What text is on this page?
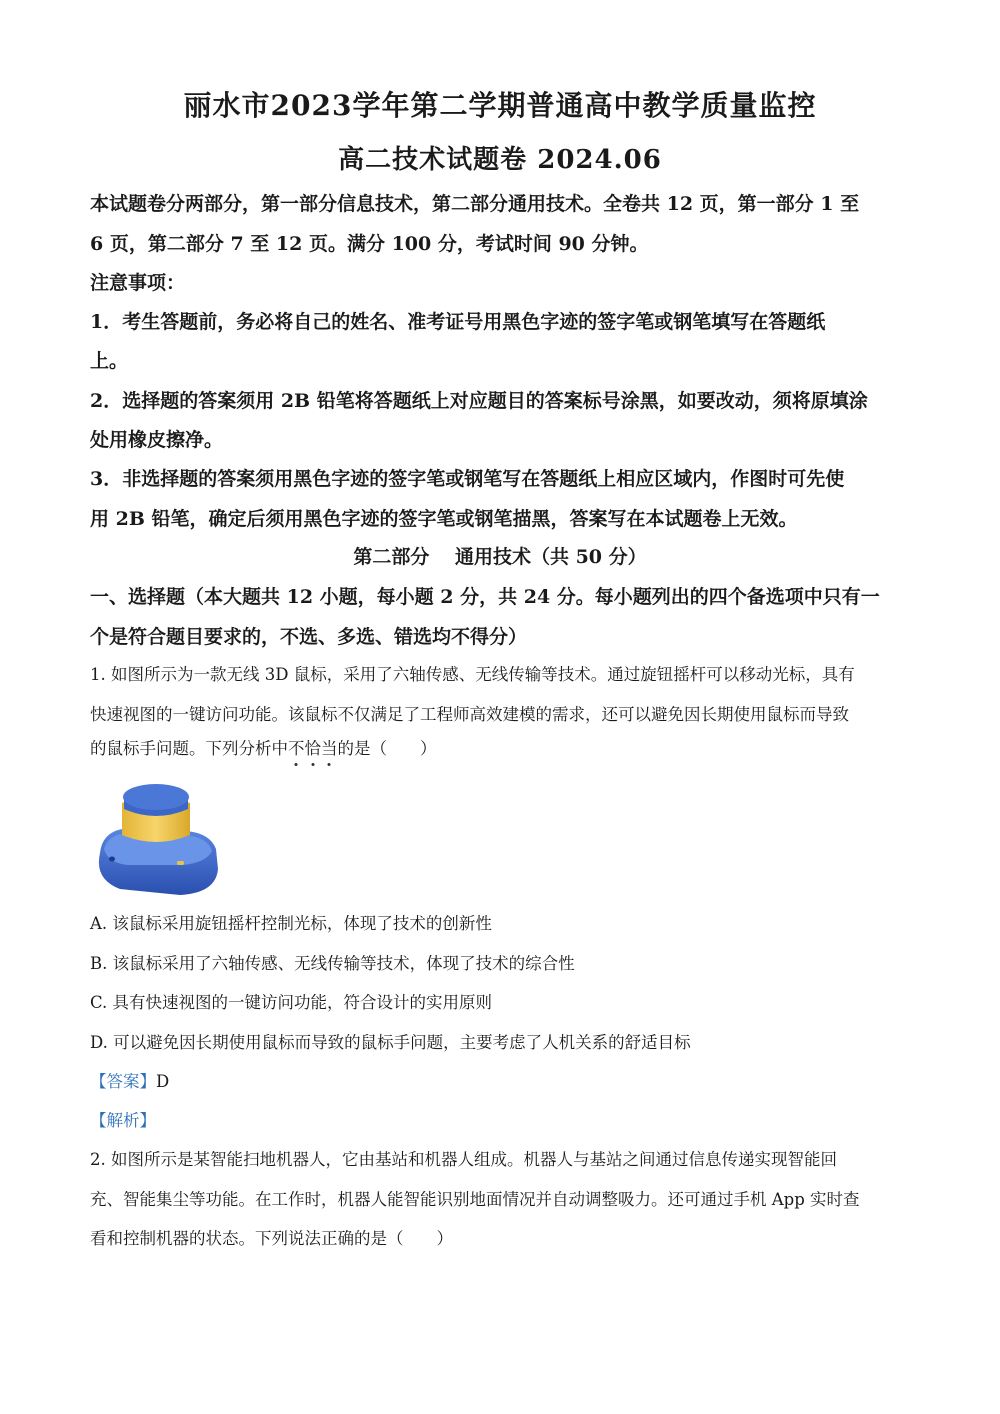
丽水市2023学年第二学期普通高中教学质量监控
高二技术试题卷 2024.06
本试题卷分两部分，第一部分信息技术，第二部分通用技术。全卷共 12 页，第一部分 1 至
6 页，第二部分 7 至 12 页。满分 100 分，考试时间 90 分钟。
注意事项：
1．考生答题前，务必将自己的姓名、准考证号用黑色字迹的签字笔或钢笔填写在答题纸
上。
2．选择题的答案须用 2B 铅笔将答题纸上对应题目的答案标号涂黑，如要改动，须将原填涂
处用橡皮擦净。
3．非选择题的答案须用黑色字迹的签字笔或钢笔写在答题纸上相应区域内，作图时可先使
用 2B 铅笔，确定后须用黑色字迹的签字笔或钢笔描黑，答案写在本试题卷上无效。
第二部分　 通用技术（共 50 分）
一、选择题（本大题共 12 小题，每小题 2 分，共 24 分。每小题列出的四个备选项中只有一
个是符合题目要求的，不选、多选、错选均不得分）
1. 如图所示为一款无线 3D 鼠标，采用了六轴传感、无线传输等技术。通过旋钮摇杆可以移动光标，具有
快速视图的一键访问功能。该鼠标不仅满足了工程师高效建模的需求，还可以避免因长期使用鼠标而导致
的鼠标手问题。下列分析中不
恰
当
的是（　　）
A. 该鼠标采用旋钮摇杆控制光标，体现了技术的创新性
B. 该鼠标采用了六轴传感、无线传输等技术，体现了技术的综合性
C. 具有快速视图的一键访问功能，符合设计的实用原则
D. 可以避免因长期使用鼠标而导致的鼠标手问题，主要考虑了人机关系的舒适目标
【答案】D
【解析】
2. 如图所示是某智能扫地机器人，它由基站和机器人组成。机器人与基站之间通过信息传递实现智能回
充、智能集尘等功能。在工作时，机器人能智能识别地面情况并自动调整吸力。还可通过手机 App 实时查
看和控制机器的状态。下列说法正确的是（　　）
